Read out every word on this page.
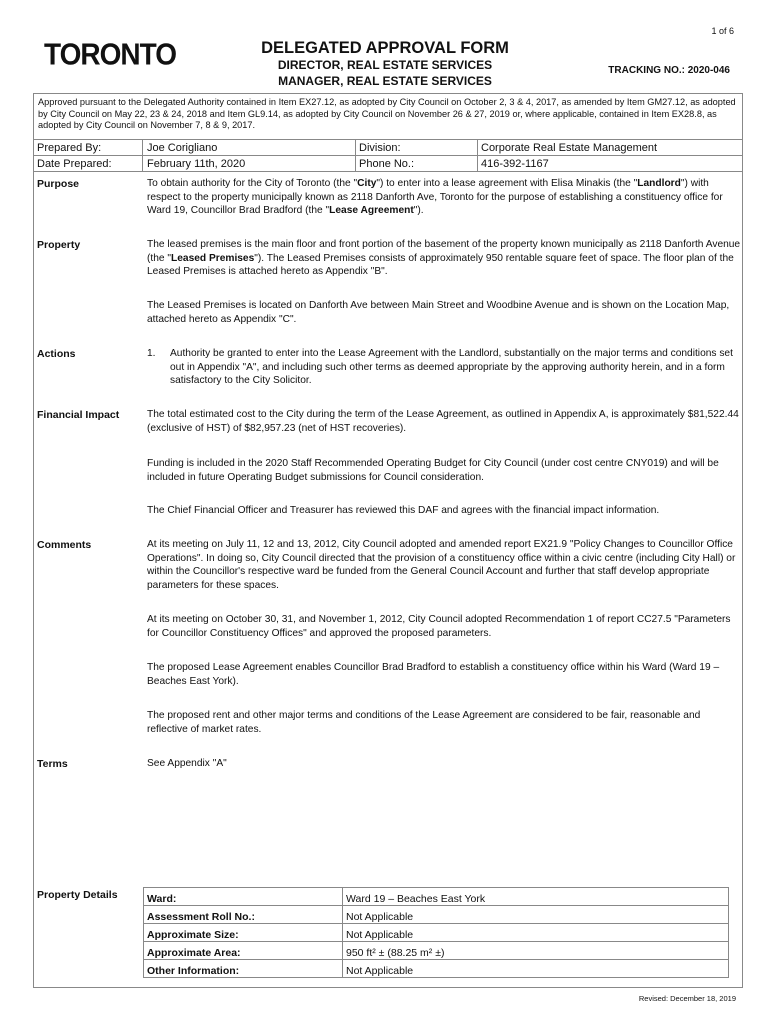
1 of 6
TORONTO	DELEGATED APPROVAL FORM
DIRECTOR, REAL ESTATE SERVICES
MANAGER, REAL ESTATE SERVICES
TRACKING NO.: 2020-046
Approved pursuant to the Delegated Authority contained in Item EX27.12, as adopted by City Council on October 2, 3 & 4, 2017, as amended by Item GM27.12, as adopted by City Council on May 22, 23 & 24, 2018 and Item GL9.14, as adopted by City Council on November 26 & 27, 2019 or, where applicable, contained in Item EX28.8, as adopted by City Council on November 7, 8 & 9, 2017.
Prepared By:	Joe Corigliano	Division:	Corporate Real Estate Management
Date Prepared:	February 11th, 2020	Phone No.:	416-392-1167
Purpose	To obtain authority for the City of Toronto (the "City") to enter into a lease agreement with Elisa Minakis (the "Landlord") with respect to the property municipally known as 2118 Danforth Ave, Toronto for the purpose of establishing a constituency office for Ward 19, Councillor Brad Bradford (the "Lease Agreement").
Property	The leased premises is the main floor and front portion of the basement of the property known municipally as 2118 Danforth Avenue (the "Leased Premises"). The Leased Premises consists of approximately 950 rentable square feet of space. The floor plan of the Leased Premises is attached hereto as Appendix "B".
The Leased Premises is located on Danforth Ave between Main Street and Woodbine Avenue and is shown on the Location Map, attached hereto as Appendix "C".
Actions	1.	Authority be granted to enter into the Lease Agreement with the Landlord, substantially on the major terms and conditions set out in Appendix "A", and including such other terms as deemed appropriate by the approving authority herein, and in a form satisfactory to the City Solicitor.
Financial Impact	The total estimated cost to the City during the term of the Lease Agreement, as outlined in Appendix A, is approximately $81,522.44 (exclusive of HST) of $82,957.23 (net of HST recoveries).
Funding is included in the 2020 Staff Recommended Operating Budget for City Council (under cost centre CNY019) and will be included in future Operating Budget submissions for Council consideration.
The Chief Financial Officer and Treasurer has reviewed this DAF and agrees with the financial impact information.
Comments	At its meeting on July 11, 12 and 13, 2012, City Council adopted and amended report EX21.9 "Policy Changes to Councillor Office Operations". In doing so, City Council directed that the provision of a constituency office within a civic centre (including City Hall) or within the Councillor's respective ward be funded from the General Council Account and further that staff develop appropriate parameters for these spaces.
At its meeting on October 30, 31, and November 1, 2012, City Council adopted Recommendation 1 of report CC27.5 "Parameters for Councillor Constituency Offices" and approved the proposed parameters.
The proposed Lease Agreement enables Councillor Brad Bradford to establish a constituency office within his Ward (Ward 19 – Beaches East York).
The proposed rent and other major terms and conditions of the Lease Agreement are considered to be fair, reasonable and reflective of market rates.
Terms	See Appendix "A"
Property Details	Ward:	Ward 19 – Beaches East York
Assessment Roll No.:	Not Applicable
Approximate Size:	Not Applicable
Approximate Area:	950 ft² ± (88.25 m² ±)
Other Information:	Not Applicable
Revised: December 18, 2019
